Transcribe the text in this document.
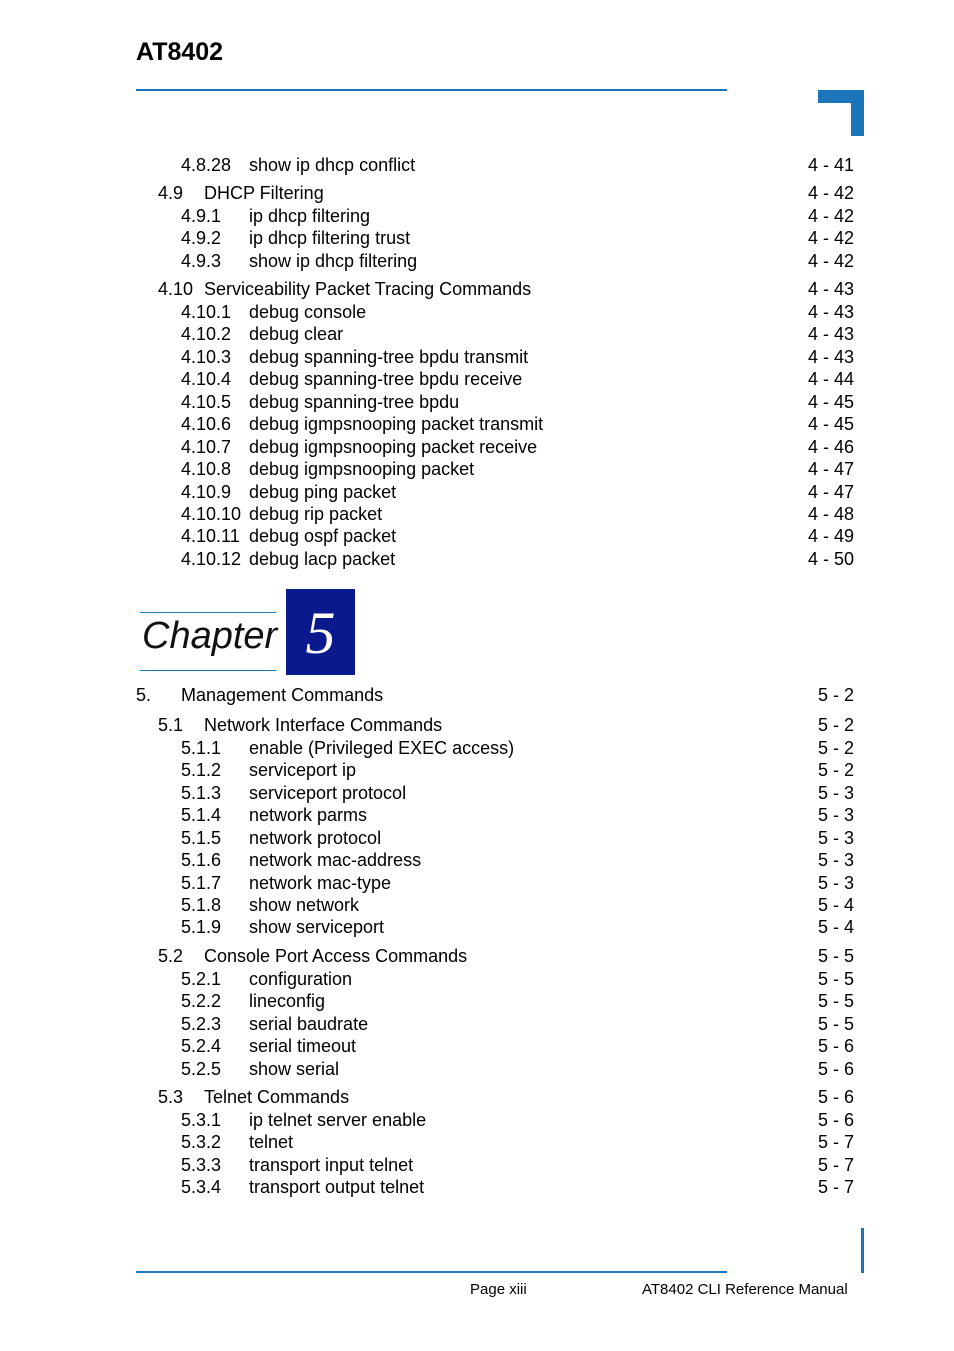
AT8402
4.8.28 show ip dhcp conflict	4 - 41
4.9 DHCP Filtering	4 - 42
4.9.1 ip dhcp filtering	4 - 42
4.9.2 ip dhcp filtering trust	4 - 42
4.9.3 show ip dhcp filtering	4 - 42
4.10 Serviceability Packet Tracing Commands	4 - 43
4.10.1 debug console	4 - 43
4.10.2 debug clear	4 - 43
4.10.3 debug spanning-tree bpdu transmit	4 - 43
4.10.4 debug spanning-tree bpdu receive	4 - 44
4.10.5 debug spanning-tree bpdu	4 - 45
4.10.6 debug igmpsnooping packet transmit	4 - 45
4.10.7 debug igmpsnooping packet receive	4 - 46
4.10.8 debug igmpsnooping packet	4 - 47
4.10.9 debug ping packet	4 - 47
4.10.10 debug rip packet	4 - 48
4.10.11 debug ospf packet	4 - 49
4.10.12 debug lacp packet	4 - 50
Chapter 5
5. Management Commands	5 - 2
5.1 Network Interface Commands	5 - 2
5.1.1 enable (Privileged EXEC access)	5 - 2
5.1.2 serviceport ip	5 - 2
5.1.3 serviceport protocol	5 - 3
5.1.4 network parms	5 - 3
5.1.5 network protocol	5 - 3
5.1.6 network mac-address	5 - 3
5.1.7 network mac-type	5 - 3
5.1.8 show network	5 - 4
5.1.9 show serviceport	5 - 4
5.2 Console Port Access Commands	5 - 5
5.2.1 configuration	5 - 5
5.2.2 lineconfig	5 - 5
5.2.3 serial baudrate	5 - 5
5.2.4 serial timeout	5 - 6
5.2.5 show serial	5 - 6
5.3 Telnet Commands	5 - 6
5.3.1 ip telnet server enable	5 - 6
5.3.2 telnet	5 - 7
5.3.3 transport input telnet	5 - 7
5.3.4 transport output telnet	5 - 7
Page xiii	AT8402 CLI Reference Manual
